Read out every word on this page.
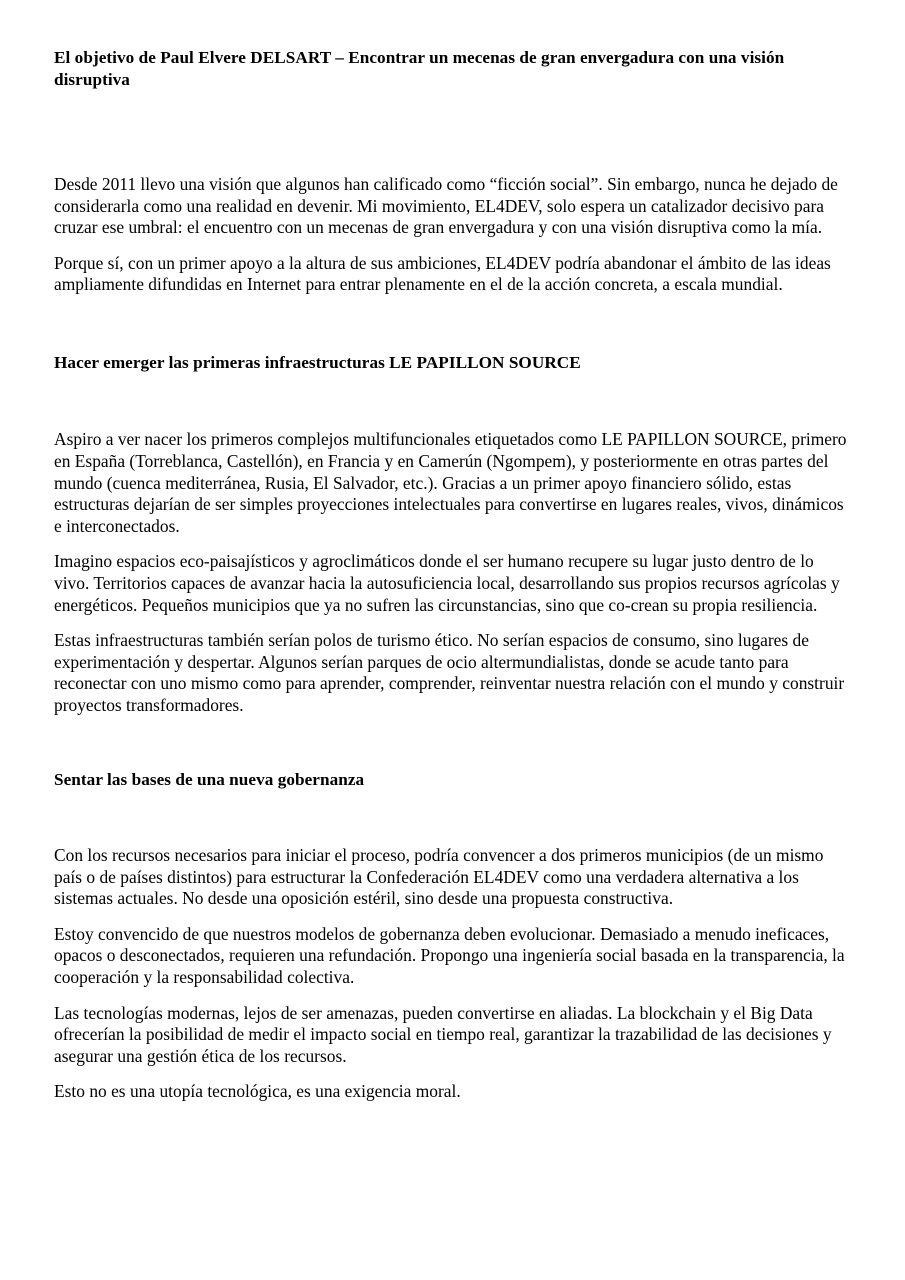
El objetivo de Paul Elvere DELSART – Encontrar un mecenas de gran envergadura con una visión disruptiva

Desde 2011 llevo una visión que algunos han calificado como “ficción social”. Sin embargo, nunca he dejado de considerarla como una realidad en devenir. Mi movimiento, EL4DEV, solo espera un catalizador decisivo para cruzar ese umbral: el encuentro con un mecenas de gran envergadura y con una visión disruptiva como la mía.

Porque sí, con un primer apoyo a la altura de sus ambiciones, EL4DEV podría abandonar el ámbito de las ideas ampliamente difundidas en Internet para entrar plenamente en el de la acción concreta, a escala mundial.

Hacer emerger las primeras infraestructuras LE PAPILLON SOURCE

Aspiro a ver nacer los primeros complejos multifuncionales etiquetados como LE PAPILLON SOURCE, primero en España (Torreblanca, Castellón), en Francia y en Camerún (Ngompem), y posteriormente en otras partes del mundo (cuenca mediterránea, Rusia, El Salvador, etc.). Gracias a un primer apoyo financiero sólido, estas estructuras dejarían de ser simples proyecciones intelectuales para convertirse en lugares reales, vivos, dinámicos e interconectados.

Imagino espacios eco-paisajísticos y agroclimáticos donde el ser humano recupere su lugar justo dentro de lo vivo. Territorios capaces de avanzar hacia la autosuficiencia local, desarrollando sus propios recursos agrícolas y energéticos. Pequeños municipios que ya no sufren las circunstancias, sino que co-crean su propia resiliencia.

Estas infraestructuras también serían polos de turismo ético. No serían espacios de consumo, sino lugares de experimentación y despertar. Algunos serían parques de ocio altermundialistas, donde se acude tanto para reconectar con uno mismo como para aprender, comprender, reinventar nuestra relación con el mundo y construir proyectos transformadores.

Sentar las bases de una nueva gobernanza

Con los recursos necesarios para iniciar el proceso, podría convencer a dos primeros municipios (de un mismo país o de países distintos) para estructurar la Confederación EL4DEV como una verdadera alternativa a los sistemas actuales. No desde una oposición estéril, sino desde una propuesta constructiva.

Estoy convencido de que nuestros modelos de gobernanza deben evolucionar. Demasiado a menudo ineficaces, opacos o desconectados, requieren una refundación. Propongo una ingeniería social basada en la transparencia, la cooperación y la responsabilidad colectiva.

Las tecnologías modernas, lejos de ser amenazas, pueden convertirse en aliadas. La blockchain y el Big Data ofrecerían la posibilidad de medir el impacto social en tiempo real, garantizar la trazabilidad de las decisiones y asegurar una gestión ética de los recursos.

Esto no es una utopía tecnológica, es una exigencia moral.
